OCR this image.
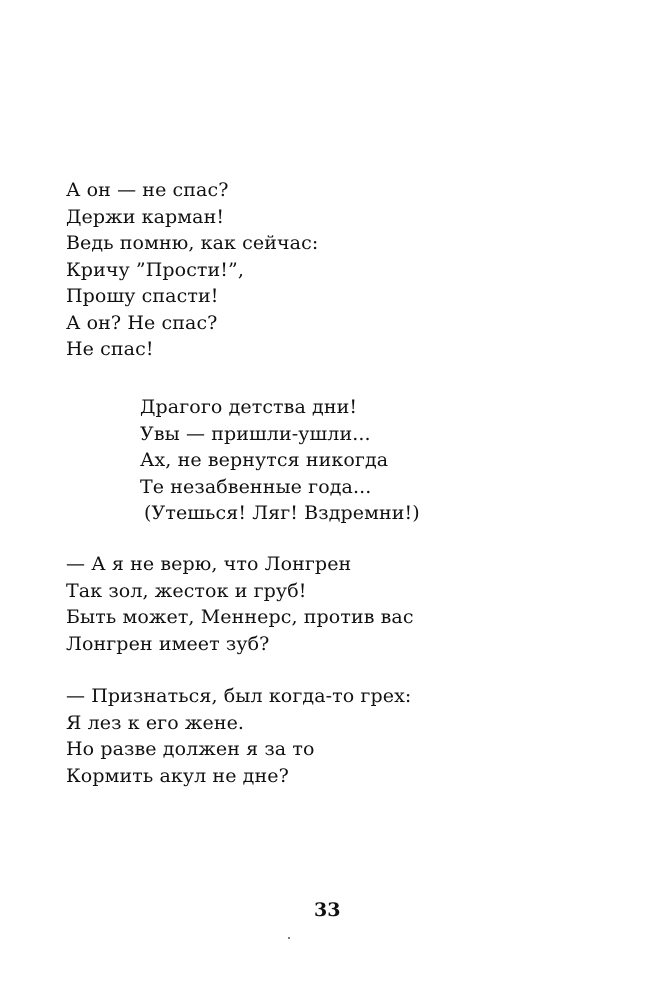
А он — не спас?
Держи карман!
Ведь помню, как сейчас:
Кричу ”Прости!”,
Прошу спасти!
А он? Не спас?
Не спас!
Драгого детства дни!
Увы — пришли-ушли...
Ах, не вернутся никогда
Те незабвенные года...
(Утешься! Ляг! Вздремни!)
— А я не верю, что Лонгрен
Так зол, жесток и груб!
Быть может, Меннерс, против вас
Лонгрен имеет зуб?
— Признаться, был когда-то грех:
Я лез к его жене.
Но разве должен я за то
Кормить акул не дне?
33
